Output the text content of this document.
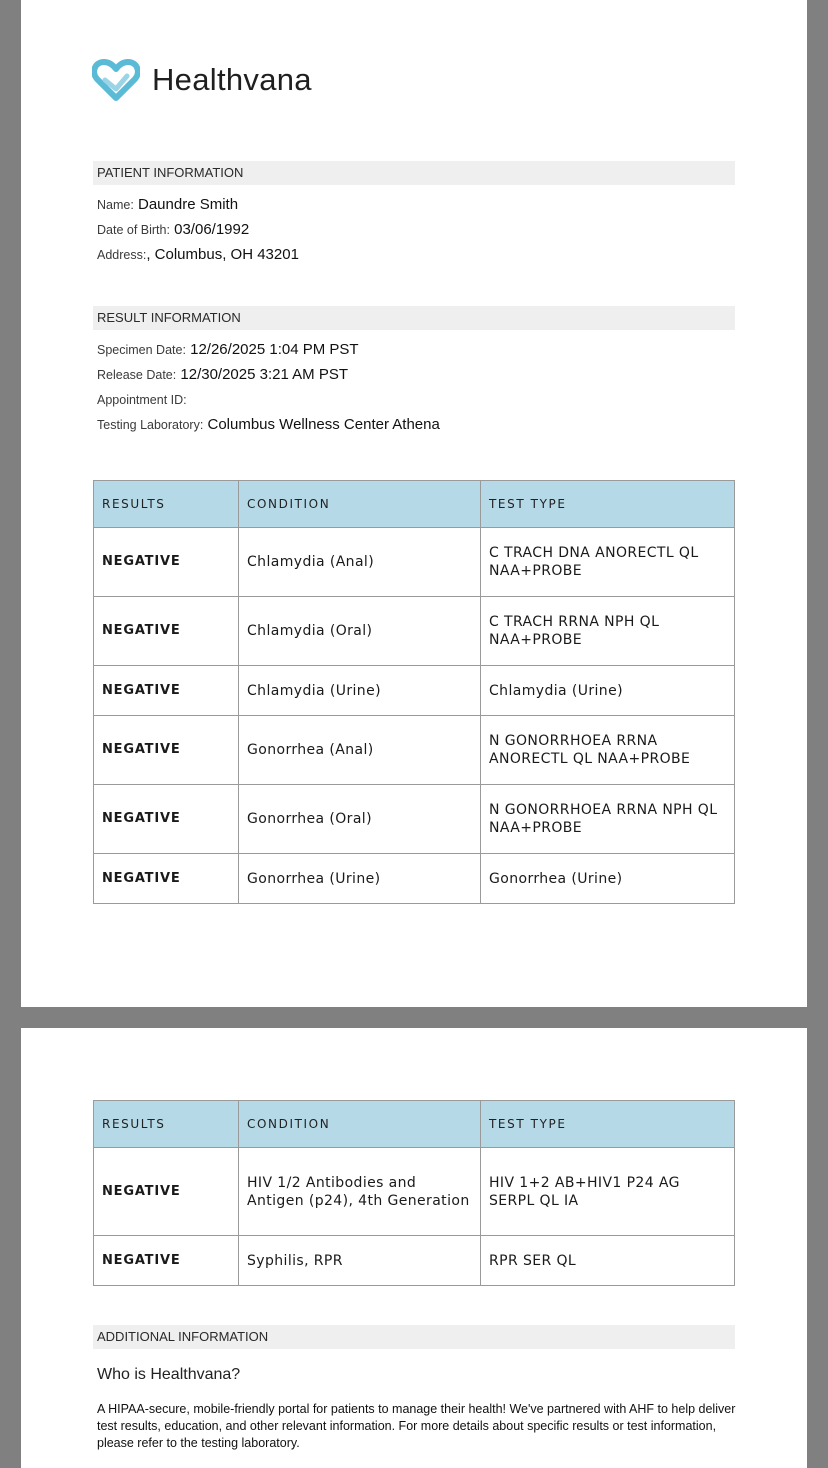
Healthvana
PATIENT INFORMATION
Name: Daundre Smith
Date of Birth: 03/06/1992
Address:, Columbus, OH 43201
RESULT INFORMATION
Specimen Date: 12/26/2025 1:04 PM PST
Release Date: 12/30/2025 3:21 AM PST
Appointment ID:
Testing Laboratory: Columbus Wellness Center Athena
RESULTS	CONDITION	TEST TYPE
NEGATIVE	Chlamydia (Anal)	C TRACH DNA ANORECTL QL NAA+PROBE
NEGATIVE	Chlamydia (Oral)	C TRACH RRNA NPH QL NAA+PROBE
NEGATIVE	Chlamydia (Urine)	Chlamydia (Urine)
NEGATIVE	Gonorrhea (Anal)	N GONORRHOEA RRNA ANORECTL QL NAA+PROBE
NEGATIVE	Gonorrhea (Oral)	N GONORRHOEA RRNA NPH QL NAA+PROBE
NEGATIVE	Gonorrhea (Urine)	Gonorrhea (Urine)
RESULTS	CONDITION	TEST TYPE
NEGATIVE	HIV 1/2 Antibodies and Antigen (p24), 4th Generation	HIV 1+2 AB+HIV1 P24 AG SERPL QL IA
NEGATIVE	Syphilis, RPR	RPR SER QL
ADDITIONAL INFORMATION
Who is Healthvana?
A HIPAA-secure, mobile-friendly portal for patients to manage their health! We've partnered with AHF to help deliver test results, education, and other relevant information. For more details about specific results or test information, please refer to the testing laboratory.
